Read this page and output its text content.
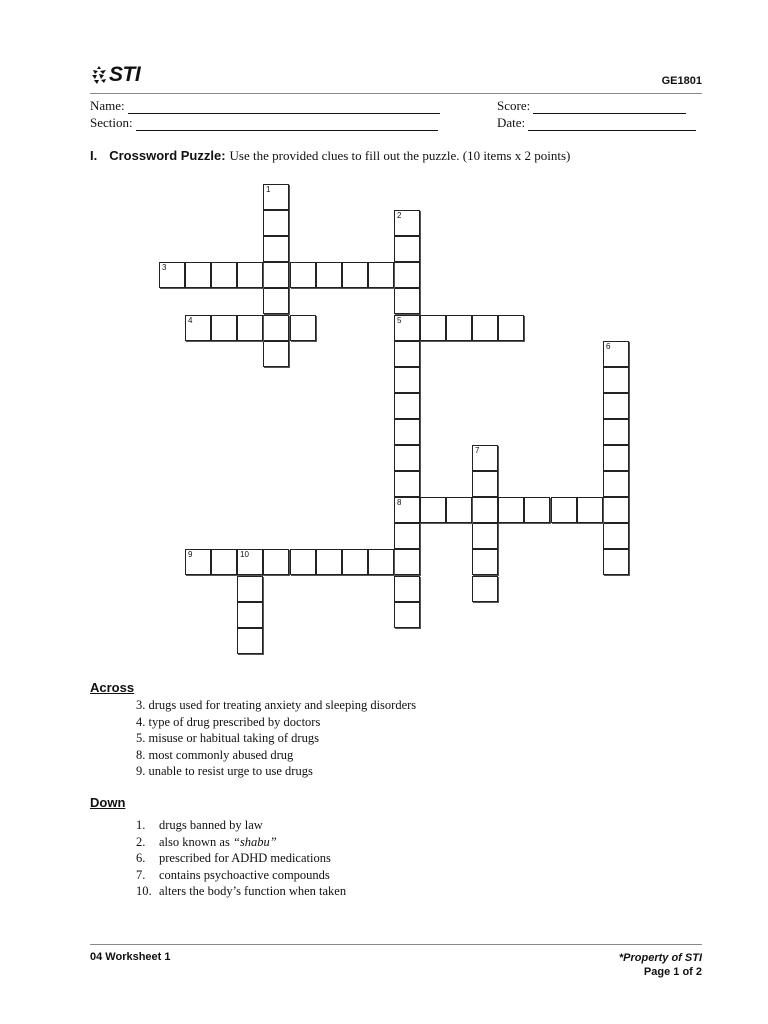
STI	GE1801
Name:
Section:
Score:
Date:
I. Crossword Puzzle: Use the provided clues to fill out the puzzle. (10 items x 2 points)
1
2
5
8
3
4
6
7
9	10
Across
3. drugs used for treating anxiety and sleeping disorders
4. type of drug prescribed by doctors
5. misuse or habitual taking of drugs
8. most commonly abused drug
9. unable to resist urge to use drugs
Down
1.	drugs banned by law
2.	also known as “shabu”
6.	prescribed for ADHD medications
7.	contains psychoactive compounds
10. alters the body’s function when taken
04 Worksheet 1	*Property of STI
Page 1 of 2
